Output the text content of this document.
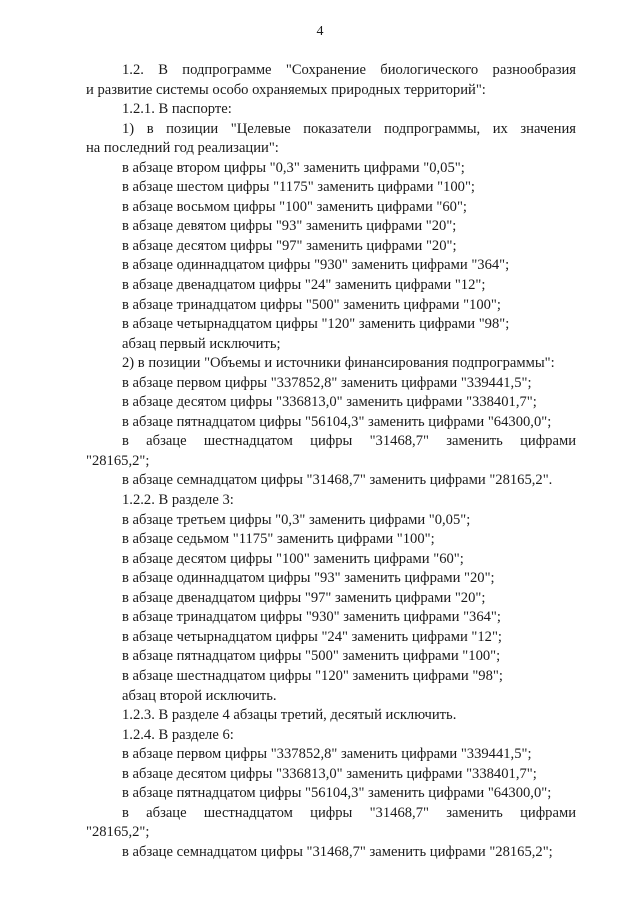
4
1.2. В подпрограмме "Сохранение биологического разнообразия
и развитие системы особо охраняемых природных территорий":
1.2.1. В паспорте:
1) в позиции "Целевые показатели подпрограммы, их значения
на последний год реализации":
в абзаце втором цифры "0,3" заменить цифрами "0,05";
в абзаце шестом цифры "1175" заменить цифрами "100";
в абзаце восьмом цифры "100" заменить цифрами "60";
в абзаце девятом цифры "93" заменить цифрами "20";
в абзаце десятом цифры "97" заменить цифрами "20";
в абзаце одиннадцатом цифры "930" заменить цифрами "364";
в абзаце двенадцатом цифры "24" заменить цифрами "12";
в абзаце тринадцатом цифры "500" заменить цифрами "100";
в абзаце четырнадцатом цифры "120" заменить цифрами "98";
абзац первый исключить;
2) в позиции "Объемы и источники финансирования подпрограммы":
в абзаце первом цифры "337852,8" заменить цифрами "339441,5";
в абзаце десятом цифры "336813,0" заменить цифрами "338401,7";
в абзаце пятнадцатом цифры "56104,3" заменить цифрами "64300,0";
в абзаце шестнадцатом цифры "31468,7" заменить цифрами
"28165,2";
в абзаце семнадцатом цифры "31468,7" заменить цифрами "28165,2".
1.2.2. В разделе 3:
в абзаце третьем цифры "0,3" заменить цифрами "0,05";
в абзаце седьмом "1175" заменить цифрами "100";
в абзаце десятом цифры "100" заменить цифрами "60";
в абзаце одиннадцатом цифры "93" заменить цифрами "20";
в абзаце двенадцатом цифры "97" заменить цифрами "20";
в абзаце тринадцатом цифры "930" заменить цифрами "364";
в абзаце четырнадцатом цифры "24" заменить цифрами "12";
в абзаце пятнадцатом цифры "500" заменить цифрами "100";
в абзаце шестнадцатом цифры "120" заменить цифрами "98";
абзац второй исключить.
1.2.3. В разделе 4 абзацы третий, десятый исключить.
1.2.4. В разделе 6:
в абзаце первом цифры "337852,8" заменить цифрами "339441,5";
в абзаце десятом цифры "336813,0" заменить цифрами "338401,7";
в абзаце пятнадцатом цифры "56104,3" заменить цифрами "64300,0";
в абзаце шестнадцатом цифры "31468,7" заменить цифрами
"28165,2";
в абзаце семнадцатом цифры "31468,7" заменить цифрами "28165,2";
